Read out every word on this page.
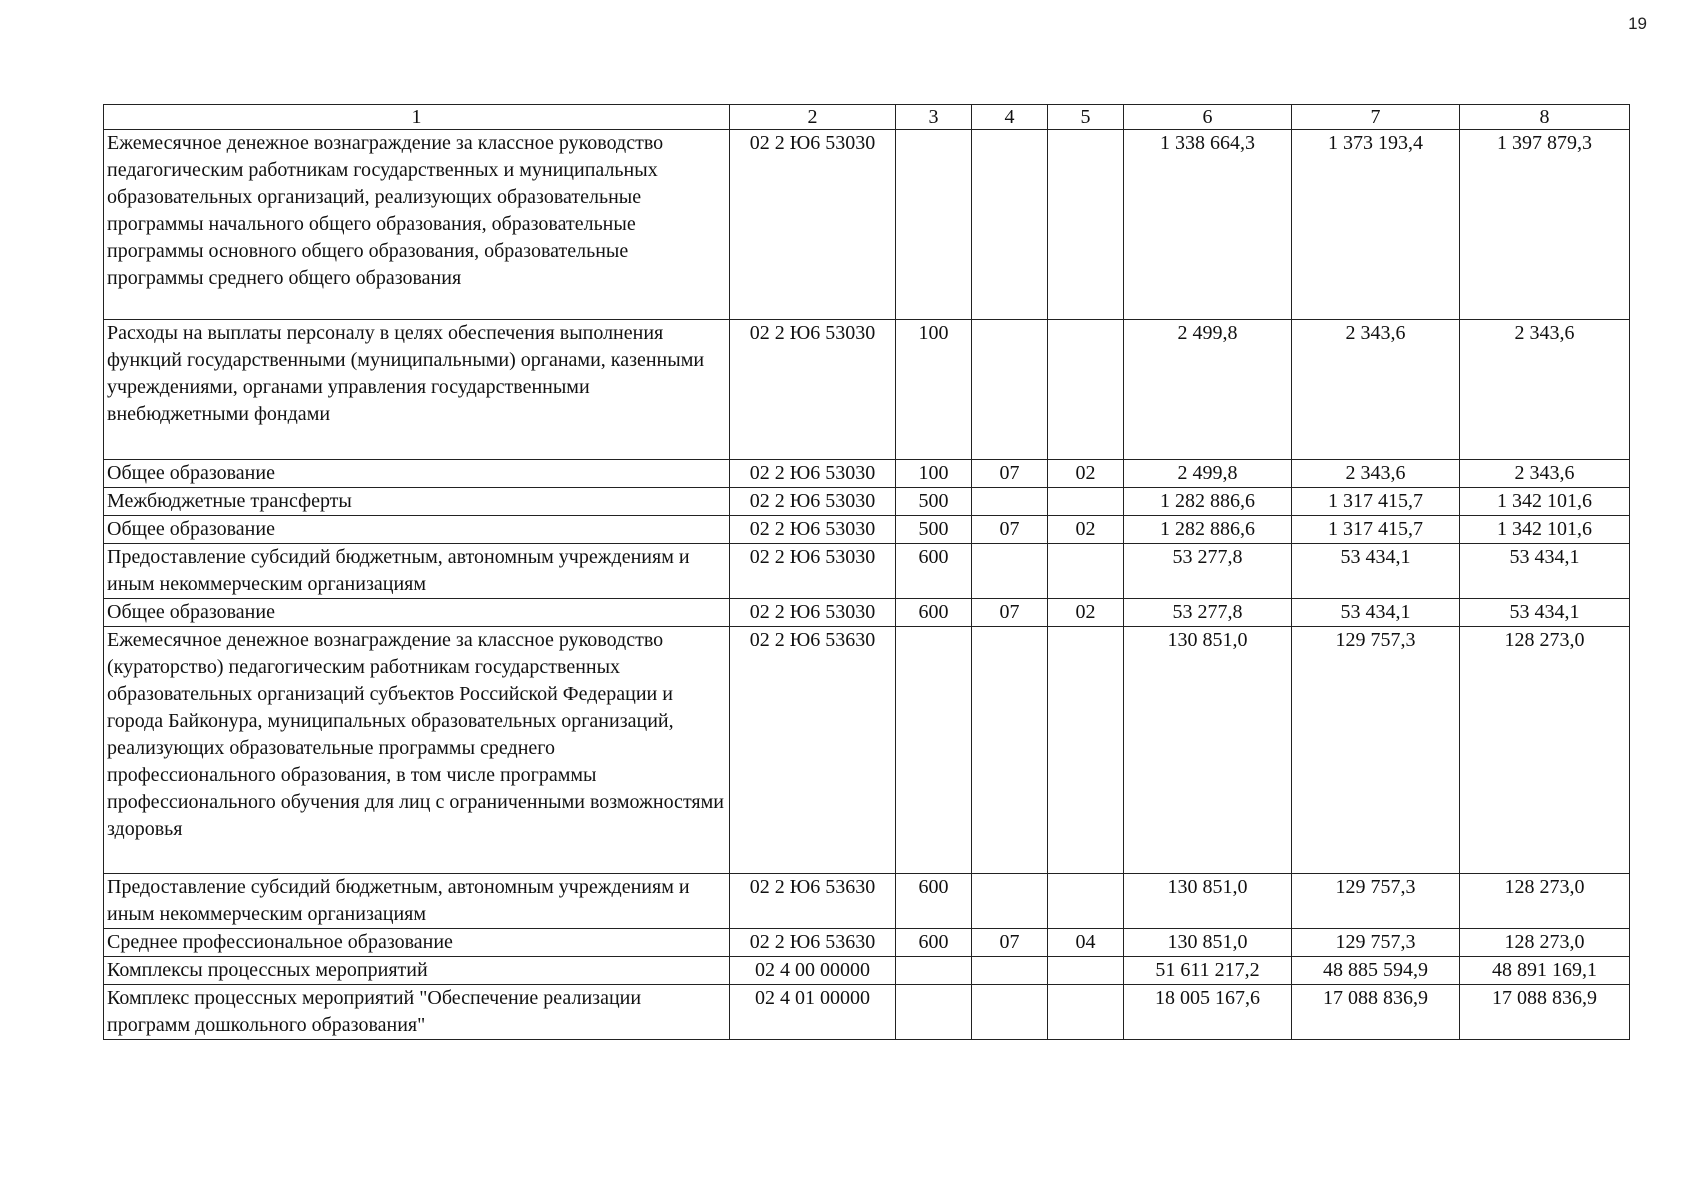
19
1	2	3	4	5	6	7	8
Ежемесячное денежное вознаграждение за классное руководство педагогическим работникам государственных и муниципальных образовательных организаций, реализующих образовательные программы начального общего образования, образовательные программы основного общего образования, образовательные программы среднего общего образования	02 2 Ю6 53030				1 338 664,3	1 373 193,4	1 397 879,3
Расходы на выплаты персоналу в целях обеспечения выполнения функций государственными (муниципальными) органами, казенными учреждениями, органами управления государственными внебюджетными фондами	02 2 Ю6 53030	100			2 499,8	2 343,6	2 343,6
Общее образование	02 2 Ю6 53030	100	07	02	2 499,8	2 343,6	2 343,6
Межбюджетные трансферты	02 2 Ю6 53030	500			1 282 886,6	1 317 415,7	1 342 101,6
Общее образование	02 2 Ю6 53030	500	07	02	1 282 886,6	1 317 415,7	1 342 101,6
Предоставление субсидий бюджетным, автономным учреждениям и иным некоммерческим организациям	02 2 Ю6 53030	600			53 277,8	53 434,1	53 434,1
Общее образование	02 2 Ю6 53030	600	07	02	53 277,8	53 434,1	53 434,1
Ежемесячное денежное вознаграждение за классное руководство (кураторство) педагогическим работникам государственных образовательных организаций субъектов Российской Федерации и города Байконура, муниципальных образовательных организаций, реализующих образовательные программы среднего профессионального образования, в том числе программы профессионального обучения для лиц с ограниченными возможностями здоровья	02 2 Ю6 53630				130 851,0	129 757,3	128 273,0
Предоставление субсидий бюджетным, автономным учреждениям и иным некоммерческим организациям	02 2 Ю6 53630	600			130 851,0	129 757,3	128 273,0
Среднее профессиональное образование	02 2 Ю6 53630	600	07	04	130 851,0	129 757,3	128 273,0
Комплексы процессных мероприятий	02 4 00 00000				51 611 217,2	48 885 594,9	48 891 169,1
Комплекс процессных мероприятий "Обеспечение реализации программ дошкольного образования"	02 4 01 00000				18 005 167,6	17 088 836,9	17 088 836,9
